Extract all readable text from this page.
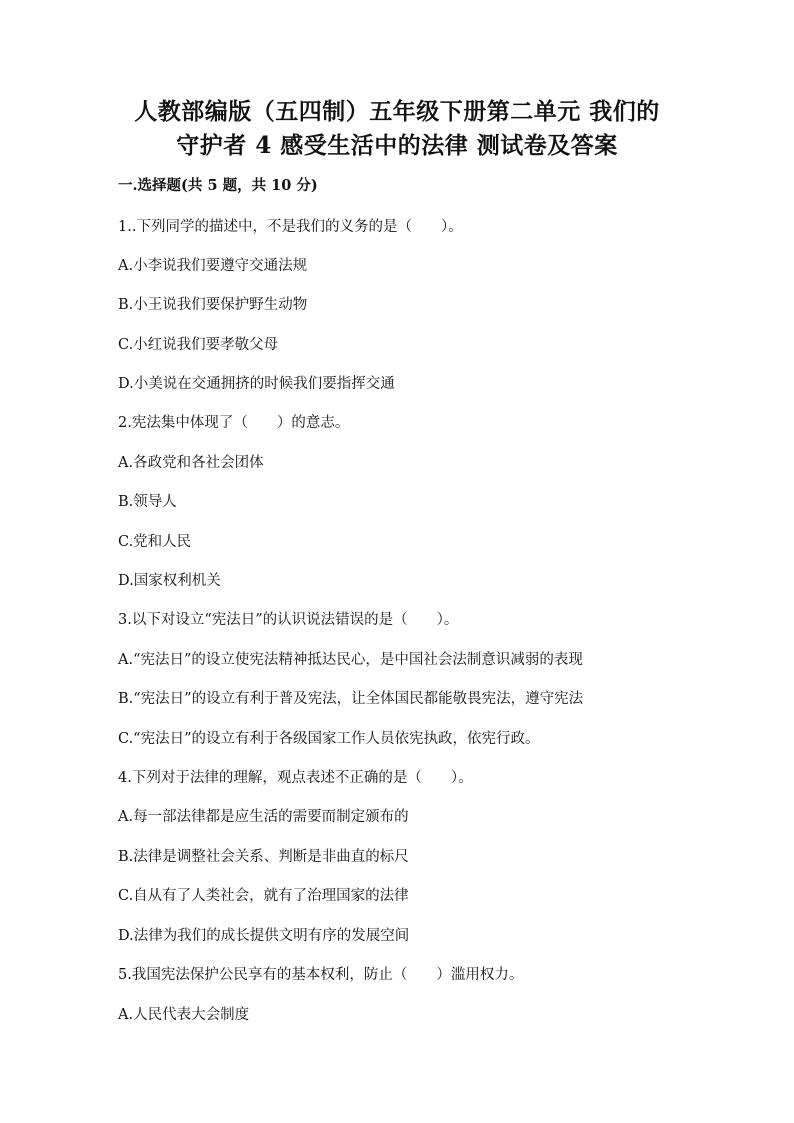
人教部编版（五四制）五年级下册第二单元 我们的
守护者 4 感受生活中的法律 测试卷及答案
一.选择题(共 5 题，共 10 分)
1..下列同学的描述中，不是我们的义务的是（　　）。
A.小李说我们要遵守交通法规
B.小王说我们要保护野生动物
C.小红说我们要孝敬父母
D.小美说在交通拥挤的时候我们要指挥交通
2.宪法集中体现了（　　）的意志。
A.各政党和各社会团体
B.领导人
C.党和人民
D.国家权利机关
3.以下对设立“宪法日”的认识说法错误的是（　　）。
A.“宪法日”的设立使宪法精神抵达民心，是中国社会法制意识减弱的表现
B.“宪法日”的设立有利于普及宪法，让全体国民都能敬畏宪法，遵守宪法
C.“宪法日”的设立有利于各级国家工作人员依宪执政，依宪行政。
4.下列对于法律的理解，观点表述不正确的是（　　）。
A.每一部法律都是应生活的需要而制定颁布的
B.法律是调整社会关系、判断是非曲直的标尺
C.自从有了人类社会，就有了治理国家的法律
D.法律为我们的成长提供文明有序的发展空间
5.我国宪法保护公民享有的基本权利，防止（　　）滥用权力。
A.人民代表大会制度
